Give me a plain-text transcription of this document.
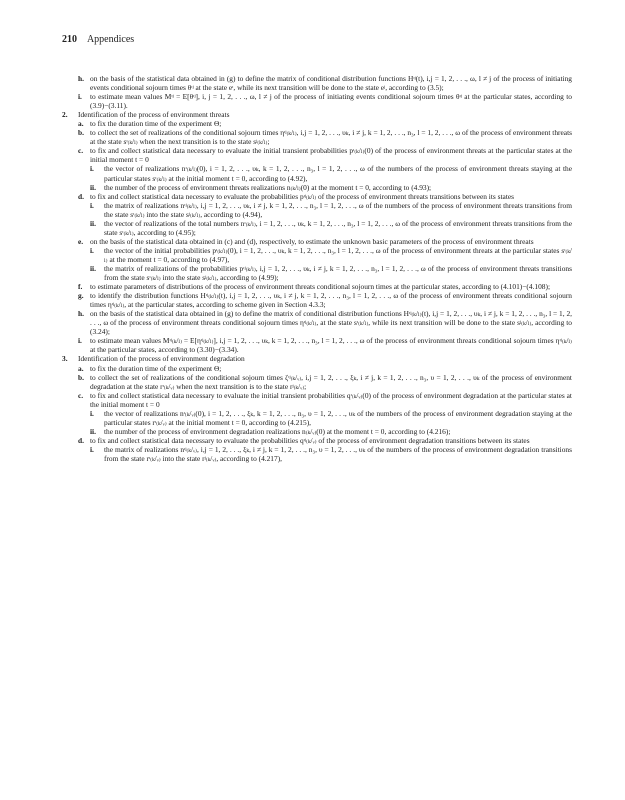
210 Appendices
h. on the basis of the statistical data obtained in (g) to define the matrix of conditional distribution functions Hᶦʲ(t), i,j = 1, 2, . . ., ω, l ≠ j of the process of initiating events conditional sojourn times θᶦʲ at the state eᶦ, while its next transition will be done to the state eʲ, according to (3.5);
i. to estimate mean values Mᶦʲ = E[θᶦʲ], i, j = 1, 2, . . ., ω, l ≠ j of the process of initiating events conditional sojourn times θᶦʲ at the particular states, according to (3.9)−(3.11).
2. Identification of the process of environment threats
a. to fix the duration time of the experiment Θ;
b. to collect the set of realizations of the conditional sojourn times ηᶦʲ₍ₖ/ₗ₎, i,j = 1, 2, . . ., υₖ, i ≠ j, k = 1, 2, . . ., n₃, l = 1, 2, . . ., ω of the process of environment threats at the state sᶦ₍ₖ/ₗ₎ when the next transition is to the state sʲ₍ₖ/ₗ₎;
c. to fix and collect statistical data necessary to evaluate the initial transient probabilities pᶦ₍ₖ/ₗ₎(0) of the process of environment threats at the particular states at the initial moment t = 0
i. the vector of realizations nᶦ₍ₖ/ₗ₎(0), i = 1, 2, . . ., υₖ, k = 1, 2, . . ., n₃, l = 1, 2, . . ., ω of the numbers of the process of environment threats staying at the particular states sᶦ₍ₖ/ₗ₎ at the initial moment t = 0, according to (4.92),
ii. the number of the process of environment threats realizations n₍ₖ/ₗ₎(0) at the moment t = 0, according to (4.93);
d. to fix and collect statistical data necessary to evaluate the probabilities pᶦʲ₍ₖ/ₗ₎ of the process of environment threats transitions between its states
i. the matrix of realizations nᶦʲ₍ₖ/ₗ₎, i,j = 1, 2, . . ., υₖ, i ≠ j, k = 1, 2, . . ., n₃, l = 1, 2, . . ., ω of the numbers of the process of environment threats transitions from the state sᶦ₍ₖ/ₗ₎ into the state sʲ₍ₖ/ₗ₎, according to (4.94),
ii. the vector of realizations of the total numbers nᶦ₍ₖ/ₗ₎, i = 1, 2, . . ., υₖ, k = 1, 2, . . ., n₃, l = 1, 2, . . ., ω of the process of environment threats transitions from the state sᶦ₍ₖ/ₗ₎, according to (4.95);
e. on the basis of the statistical data obtained in (c) and (d), respectively, to estimate the unknown basic parameters of the process of environment threats
i. the vector of the initial probabilities pᶦ₍ₖ/ₗ₎(0), i = 1, 2, . . ., υₖ, k = 1, 2, . . ., n₃, l = 1, 2, . . ., ω of the process of environment threats at the particular states sᶦ₍ₖ/ₗ₎ at the moment t = 0, according to (4.97),
ii. the matrix of realizations of the probabilities pᶦʲ₍ₖ/ₗ₎, i,j = 1, 2, . . ., υₖ, i ≠ j, k = 1, 2, . . ., n₃, l = 1, 2, . . ., ω of the process of environment threats transitions from the state sᶦ₍ₖ/ₗ₎ into the state sʲ₍ₖ/ₗ₎, according to (4.99);
f. to estimate parameters of distributions of the process of environment threats conditional sojourn times at the particular states, according to (4.101)−(4.108);
g. to identify the distribution functions Hᶦʲ₍ₖ/ₗ₎(t), i,j = 1, 2, . . ., υₖ, i ≠ j, k = 1, 2, . . ., n₃, l = 1, 2, . . ., ω of the process of environment threats conditional sojourn times ηᶦʲ₍ₖ/ₗ₎, at the particular states, according to scheme given in Section 4.3.3;
h. on the basis of the statistical data obtained in (g) to define the matrix of conditional distribution functions Hᶦʲ₍ₖ/ₗ₎(t), i,j = 1, 2, . . ., υₖ, i ≠ j, k = 1, 2, . . ., n₃, l = 1, 2, . . ., ω of the process of environment threats conditional sojourn times ηᶦʲ₍ₖ/ₗ₎, at the state sᶦ₍ₖ/ₗ₎, while its next transition will be done to the state sʲ₍ₖ/ₗ₎, according to (3.24);
i. to estimate mean values Mᶦʲ₍ₖ/ₗ₎ = E[ηᶦʲ₍ₖ/ₗ₎], i,j = 1, 2, . . ., υₖ, k = 1, 2, . . ., n₃, l = 1, 2, . . ., ω of the process of environment threats conditional sojourn times ηᶦʲ₍ₖ/ₗ₎ at the particular states, according to (3.30)−(3.34).
3. Identification of the process of environment degradation
a. to fix the duration time of the experiment Θ;
b. to collect the set of realizations of the conditional sojourn times ζᶦʲ₍ₖ/ᵥ₎, i,j = 1, 2, . . ., ξₖ, i ≠ j, k = 1, 2, . . ., n₃, υ = 1, 2, . . ., υₖ of the process of environment degradation at the state rᶦ₍ₖ/ᵥ₎ when the next transition is to the state rʲ₍ₖ/ᵥ₎;
c. to fix and collect statistical data necessary to evaluate the initial transient probabilities qᶦ₍ₖ/ᵥ₎(0) of the process of environment degradation at the particular states at the initial moment t = 0
i. the vector of realizations nᶦ₍ₖ/ᵥ₎(0), i = 1, 2, . . ., ξₖ, k = 1, 2, . . ., n₃, υ = 1, 2, . . ., υₖ of the numbers of the process of environment degradation staying at the particular states rᶦ₍ₖ/ᵥ₎ at the initial moment t = 0, according to (4.215),
ii. the number of the process of environment degradation realizations n₍ₖ/ᵥ₎(0) at the moment t = 0, according to (4.216);
d. to fix and collect statistical data necessary to evaluate the probabilities qᶦʲ₍ₖ/ᵥ₎ of the process of environment degradation transitions between its states
i. the matrix of realizations nᶦʲ₍ₖ/ᵥ₎, i,j = 1, 2, . . ., ξₖ, i ≠ j, k = 1, 2, . . ., n₃, υ = 1, 2, . . ., υₖ of the numbers of the process of environment degradation transitions from the state rᶦ₍ₖ/ᵥ₎ into the state rʲ₍ₖ/ᵥ₎, according to (4.217),
